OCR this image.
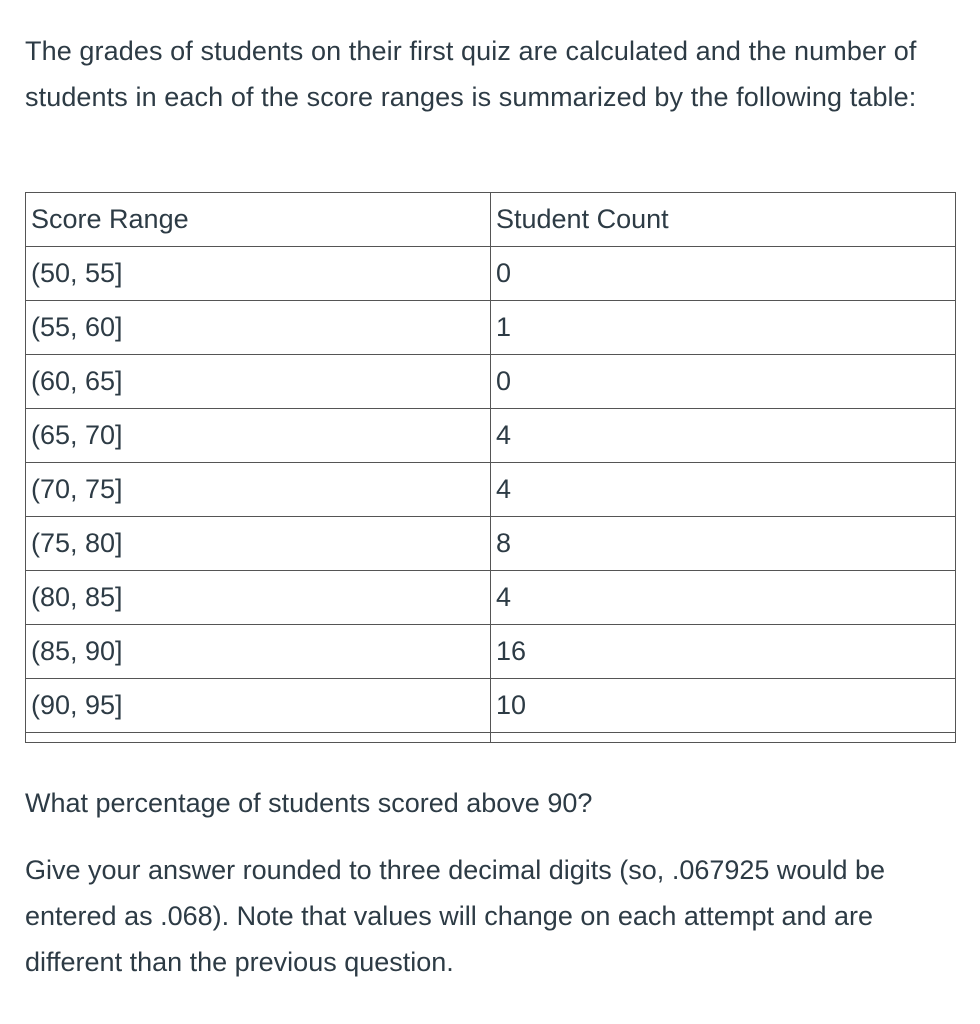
The grades of students on their first quiz are calculated and the number of students in each of the score ranges is summarized by the following table:

Score Range	Student Count
(50, 55]	0
(55, 60]	1
(60, 65]	0
(65, 70]	4
(70, 75]	4
(75, 80]	8
(80, 85]	4
(85, 90]	16
(90, 95]	10

What percentage of students scored above 90?

Give your answer rounded to three decimal digits (so, .067925 would be entered as .068). Note that values will change on each attempt and are different than the previous question.
